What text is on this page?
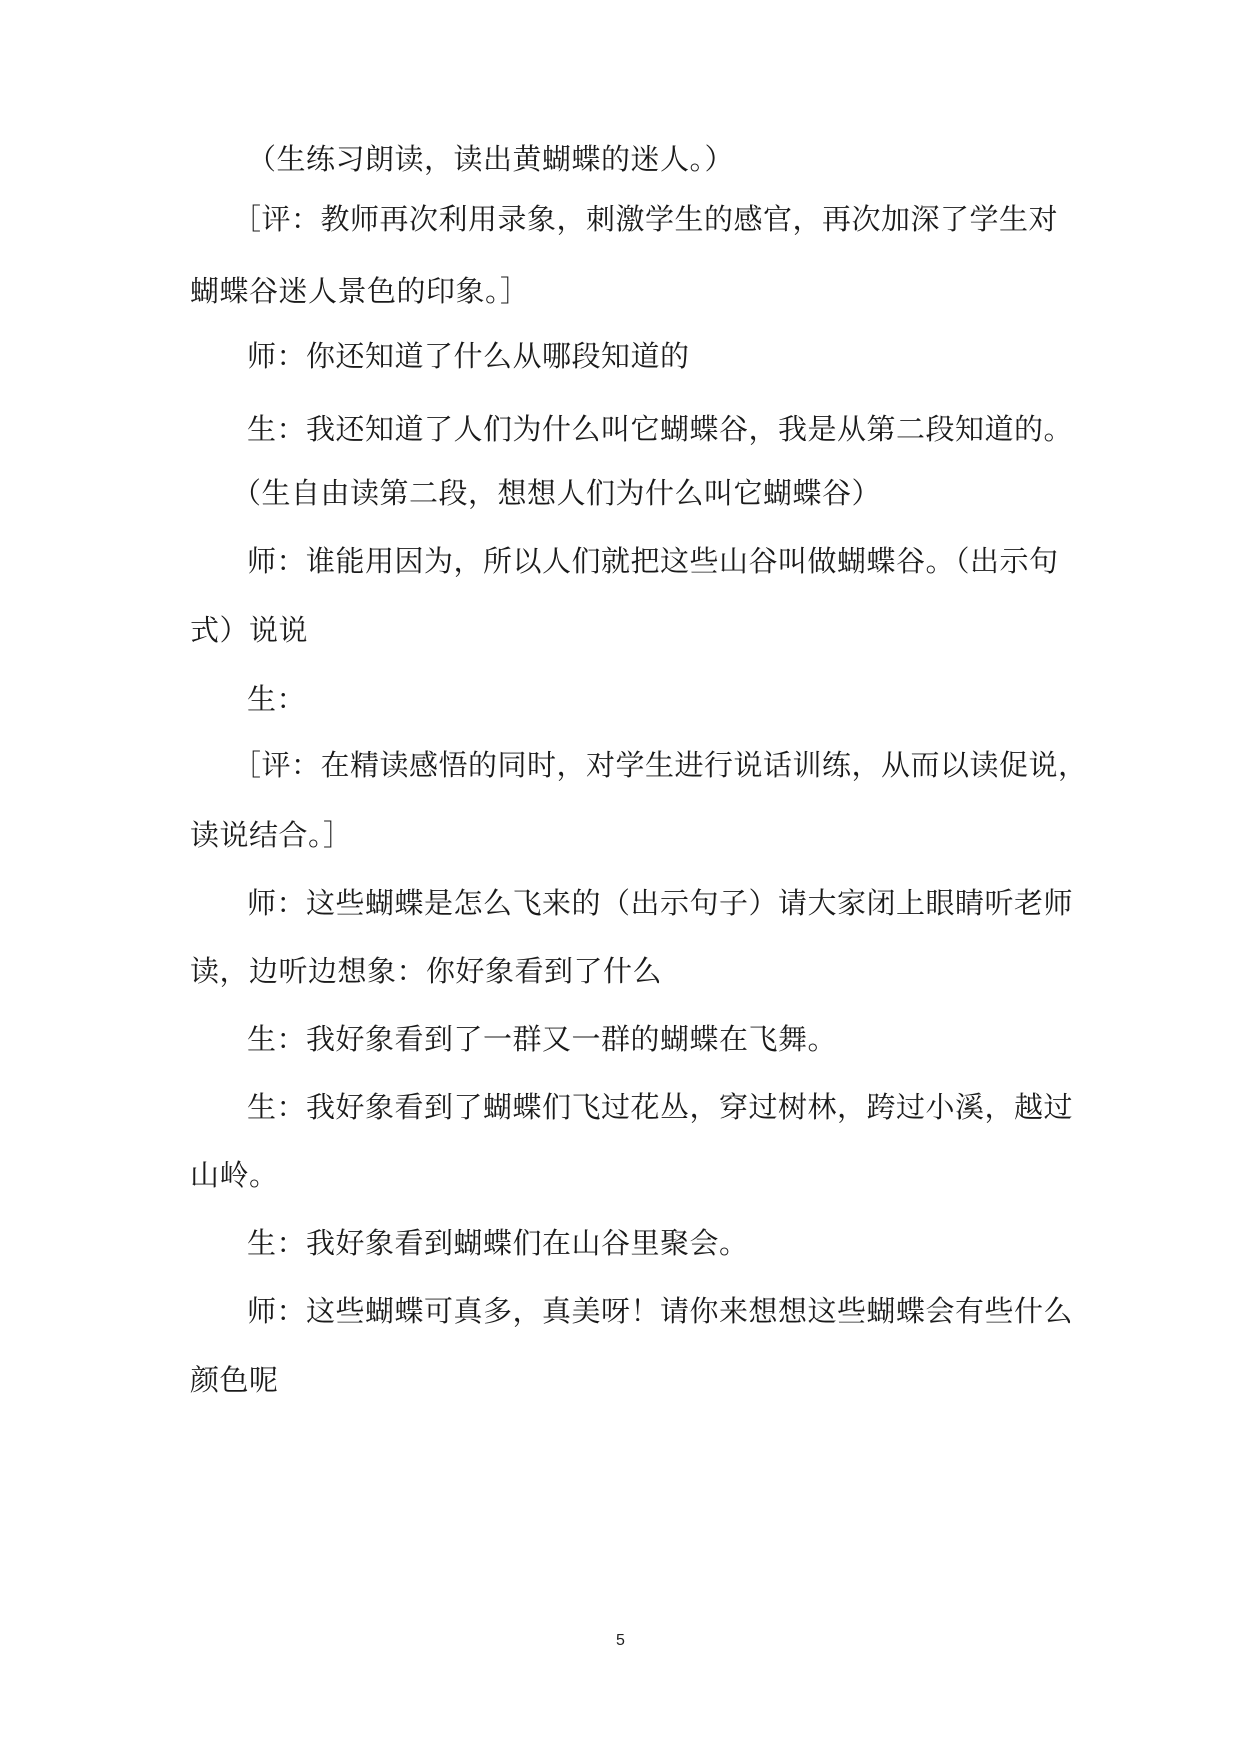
（生练习朗读，读出黄蝴蝶的迷人。）

［评：教师再次利用录象，刺激学生的感官，再次加深了学生对

蝴蝶谷迷人景色的印象。］

师：你还知道了什么从哪段知道的

生：我还知道了人们为什么叫它蝴蝶谷，我是从第二段知道的。

（生自由读第二段，想想人们为什么叫它蝴蝶谷）

师：谁能用因为，所以人们就把这些山谷叫做蝴蝶谷。（出示句

式）说说

生：

［评：在精读感悟的同时，对学生进行说话训练，从而以读促说，

读说结合。］

师：这些蝴蝶是怎么飞来的（出示句子）请大家闭上眼睛听老师

读，边听边想象：你好象看到了什么

生：我好象看到了一群又一群的蝴蝶在飞舞。

生：我好象看到了蝴蝶们飞过花丛，穿过树林，跨过小溪，越过

山岭。

生：我好象看到蝴蝶们在山谷里聚会。

师：这些蝴蝶可真多，真美呀！请你来想想这些蝴蝶会有些什么

颜色呢

5
